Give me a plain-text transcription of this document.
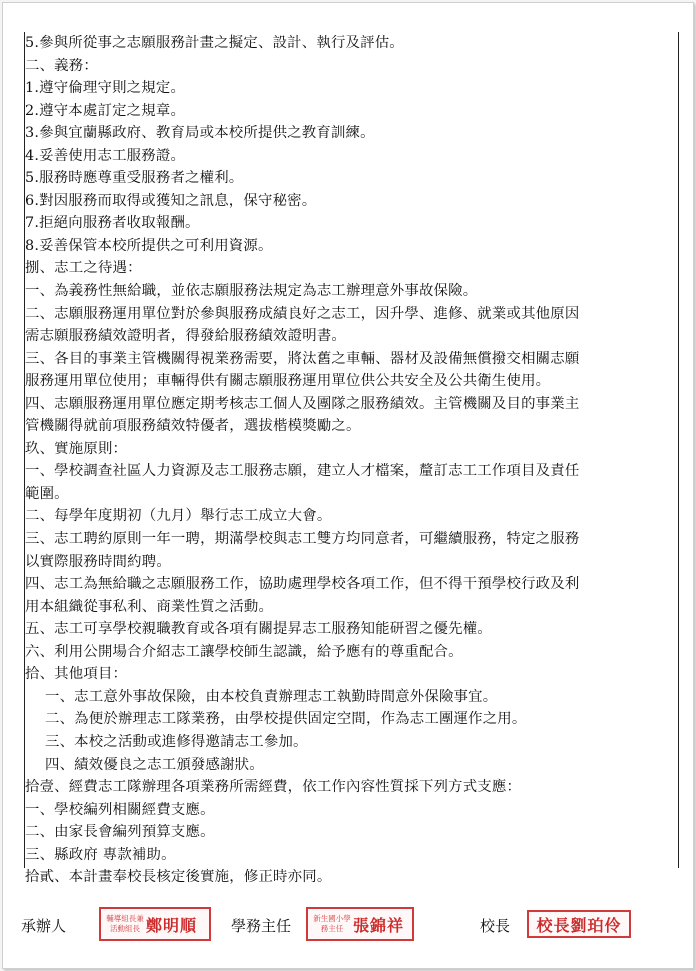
5.參與所從事之志願服務計畫之擬定、設計、執行及評估。
二、義務：
1.遵守倫理守則之規定。
2.遵守本處訂定之規章。
3.參與宜蘭縣政府、教育局或本校所提供之教育訓練。
4.妥善使用志工服務證。
5.服務時應尊重受服務者之權利。
6.對因服務而取得或獲知之訊息，保守秘密。
7.拒絕向服務者收取報酬。
8.妥善保管本校所提供之可利用資源。
捌、志工之待遇：
一、為義務性無給職，並依志願服務法規定為志工辦理意外事故保險。
二、志願服務運用單位對於參與服務成績良好之志工，因升學、進修、就業或其他原因
需志願服務績效證明者，得發給服務績效證明書。
三、各目的事業主管機關得視業務需要，將汰舊之車輛、器材及設備無償撥交相關志願
服務運用單位使用；車輛得供有關志願服務運用單位供公共安全及公共衛生使用。
四、志願服務運用單位應定期考核志工個人及團隊之服務績效。主管機關及目的事業主
管機關得就前項服務績效特優者，選拔楷模獎勵之。
玖、實施原則：
一、學校調查社區人力資源及志工服務志願，建立人才檔案，釐訂志工工作項目及責任
範圍。
二、每學年度期初（九月）舉行志工成立大會。
三、志工聘約原則一年一聘，期滿學校與志工雙方均同意者，可繼續服務，特定之服務
以實際服務時間約聘。
四、志工為無給職之志願服務工作，協助處理學校各項工作，但不得干預學校行政及利
用本組織從事私利、商業性質之活動。
五、志工可享學校親職教育或各項有關提昇志工服務知能研習之優先權。
六、利用公開場合介紹志工讓學校師生認識，給予應有的尊重配合。
拾、其他項目：
一、志工意外事故保險，由本校負責辦理志工執勤時間意外保險事宜。
二、為便於辦理志工隊業務，由學校提供固定空間，作為志工團運作之用。
三、本校之活動或進修得邀請志工參加。
四、績效優良之志工頒發感謝狀。
拾壹、經費志工隊辦理各項業務所需經費，依工作內容性質採下列方式支應：
一、學校編列相關經費支應。
二、由家長會編列預算支應。
三、縣政府 專款補助。
拾貳、本計畫奉校長核定後實施，修正時亦同。
承辦人	輔導組長兼活動組長 鄭明順 學務主任	新生國小學務主任 張錦祥	校長 校長劉珀伶
